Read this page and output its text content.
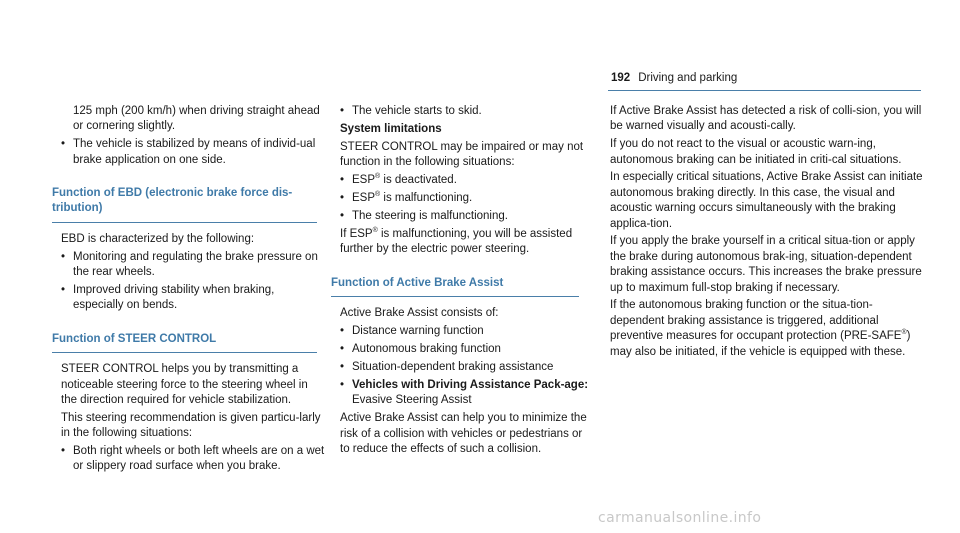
192 Driving and parking

125 mph (200 km/h) when driving straight ahead or cornering slightly.

• The vehicle is stabilized by means of individ-ual brake application on one side.
Function of EBD (electronic brake force dis-tribution)

EBD is characterized by the following:

• Monitoring and regulating the brake pressure on the rear wheels.
• Improved driving stability when braking, especially on bends.
Function of STEER CONTROL

STEER CONTROL helps you by transmitting a noticeable steering force to the steering wheel in the direction required for vehicle stabilization.

This steering recommendation is given particu-larly in the following situations:

• Both right wheels or both left wheels are on a wet or slippery road surface when you brake.
• The vehicle starts to skid.

System limitations

STEER CONTROL may be impaired or may not function in the following situations:

• ESP® is deactivated.
• ESP® is malfunctioning.
• The steering is malfunctioning.

If ESP® is malfunctioning, you will be assisted further by the electric power steering.

Function of Active Brake Assist

Active Brake Assist consists of:

• Distance warning function
• Autonomous braking function
• Situation-dependent braking assistance
• Vehicles with Driving Assistance Pack-age: Evasive Steering Assist

Active Brake Assist can help you to minimize the risk of a collision with vehicles or pedestrians or to reduce the effects of such a collision.

If Active Brake Assist has detected a risk of colli-sion, you will be warned visually and acousti-cally.

If you do not react to the visual or acoustic warn-ing, autonomous braking can be initiated in criti-cal situations.

In especially critical situations, Active Brake Assist can initiate autonomous braking directly. In this case, the visual and acoustic warning occurs simultaneously with the braking applica-tion.

If you apply the brake yourself in a critical situa-tion or apply the brake during autonomous brak-ing, situation-dependent braking assistance occurs. This increases the brake pressure up to maximum full-stop braking if necessary.

If the autonomous braking function or the situa-tion-dependent braking assistance is triggered, additional preventive measures for occupant protection (PRE-SAFE®) may also be initiated, if the vehicle is equipped with these.

carmanualsonline.info
